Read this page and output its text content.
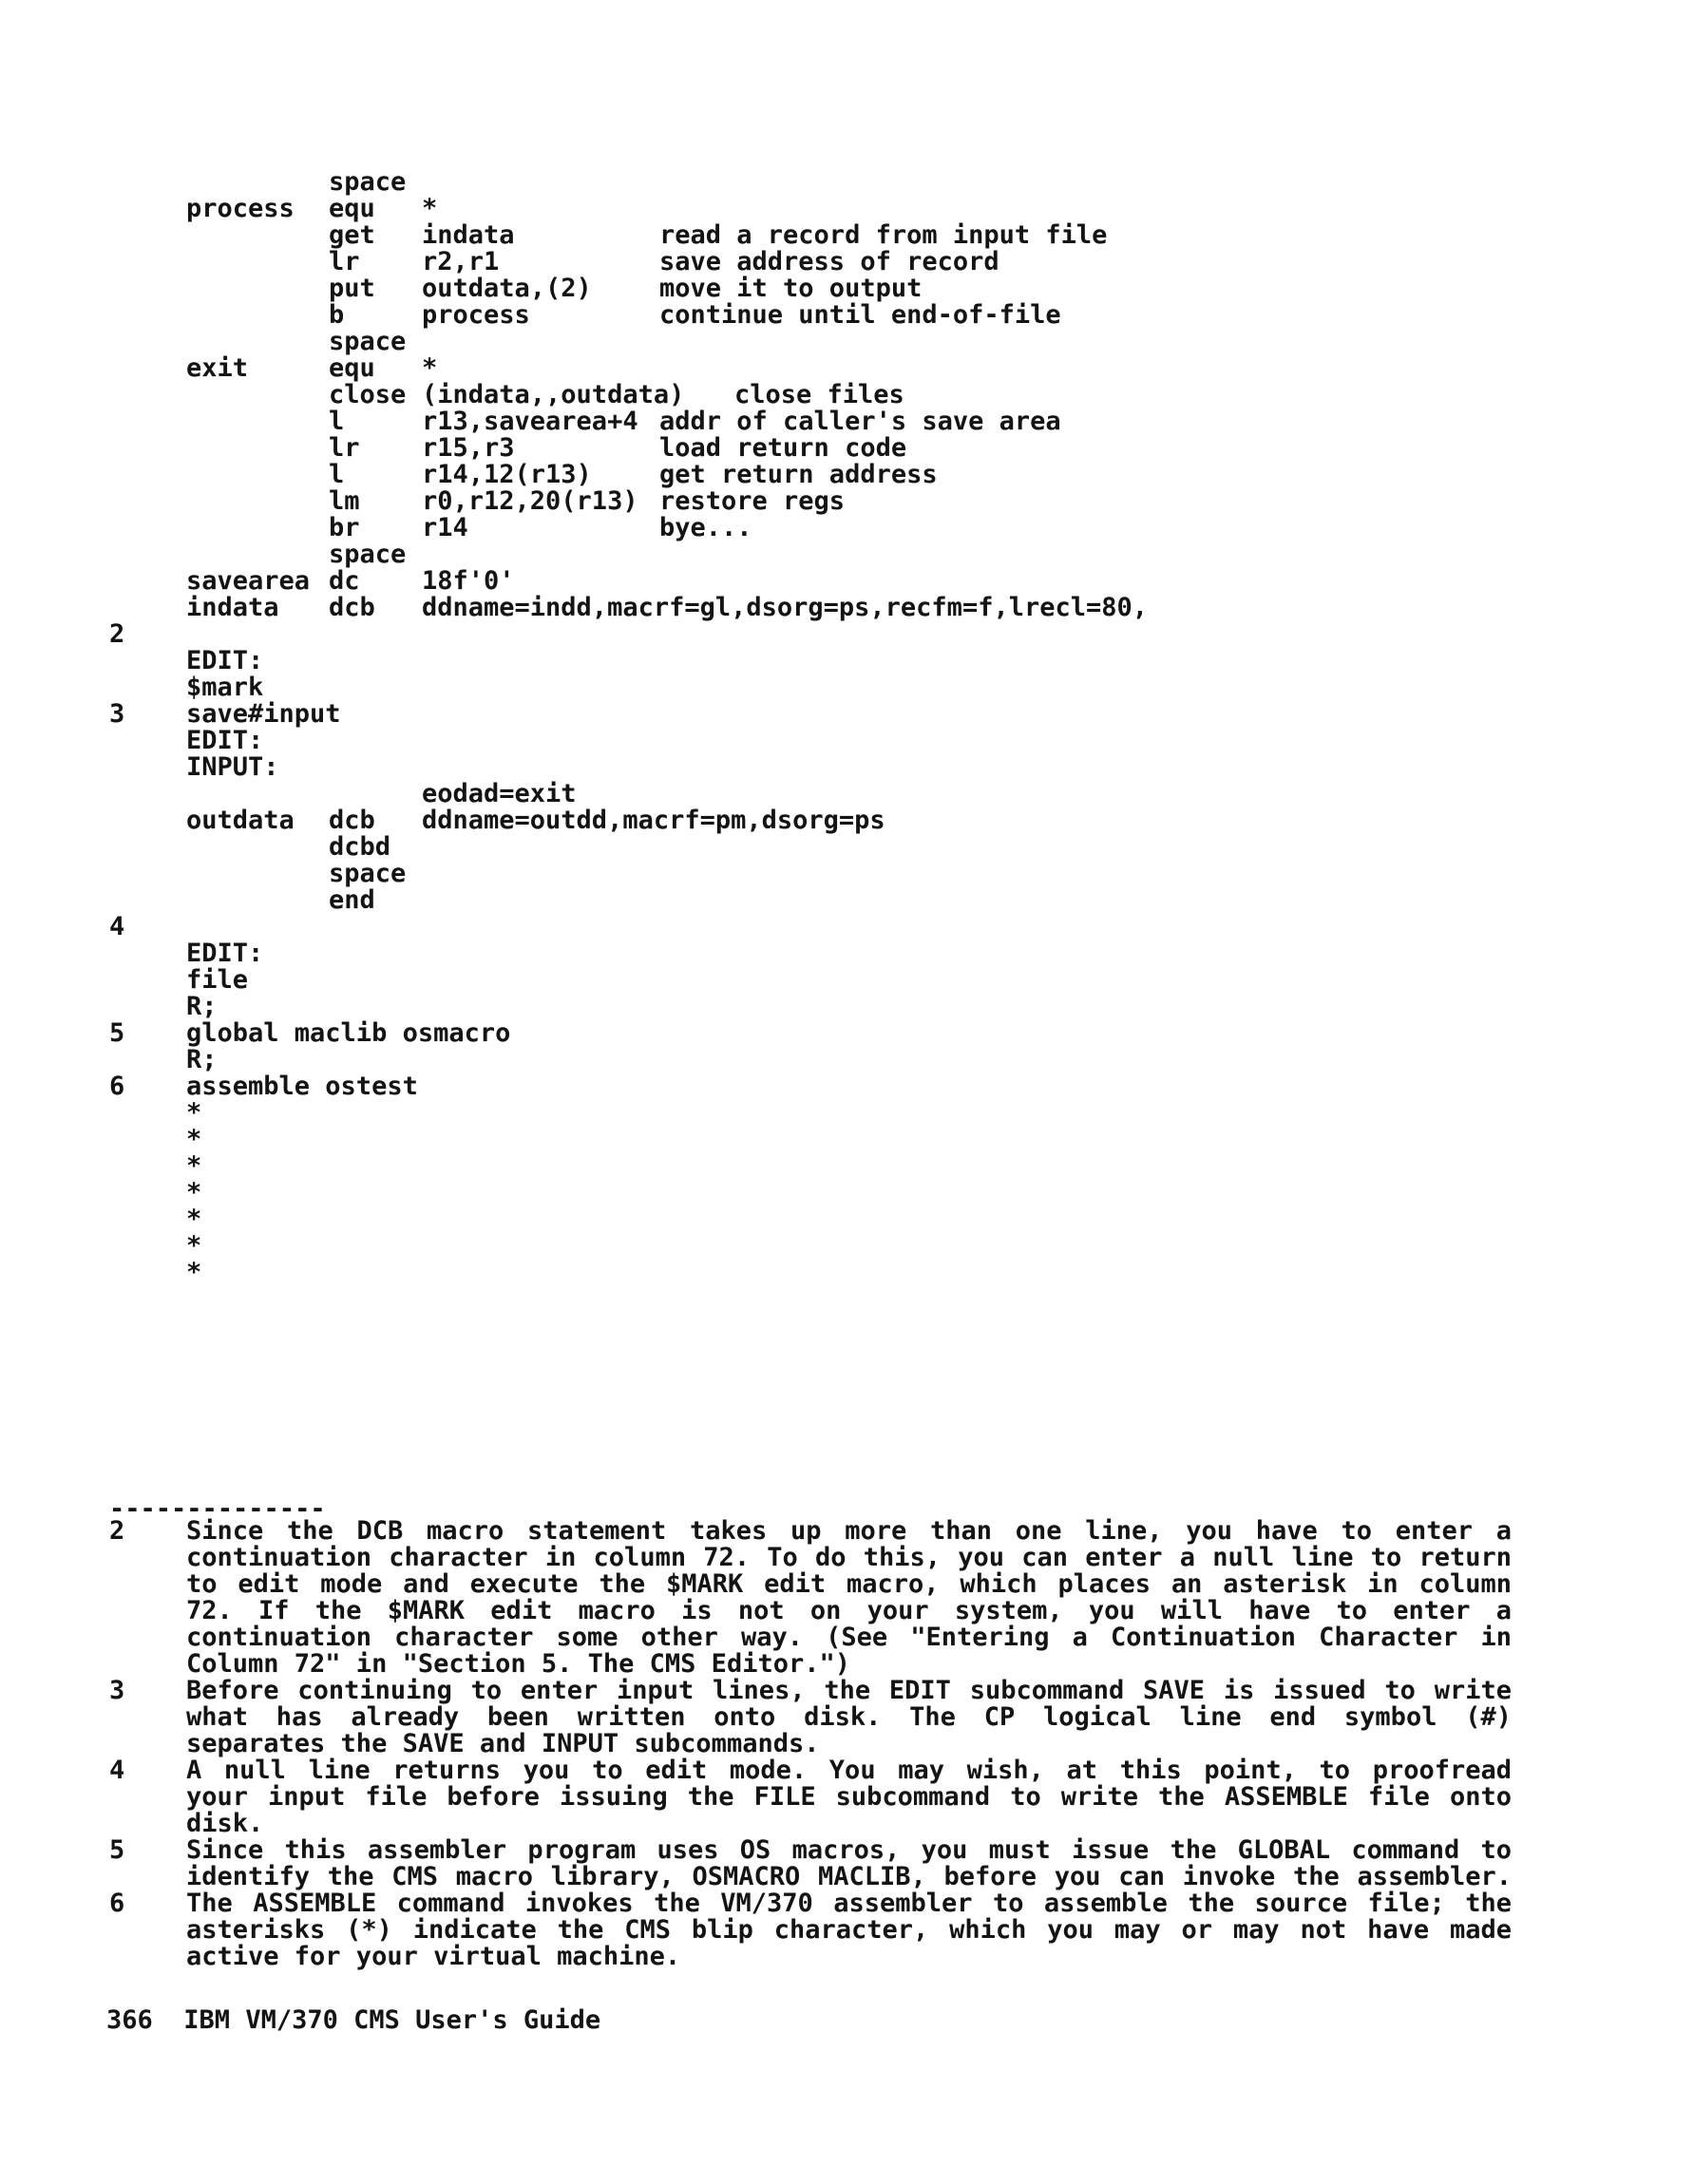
space
process equ *
get indata	read a record from input file
lr r2,r1	save address of record
put outdata,(2)	move it to output
b	process	continue until end-of-file
space
exit	equ *
close (indata,,outdata) close files
l	r13,savearea+4 addr of caller's save area
lr r15,r3	load return code
l	r14,12(r13)	get return address
lm r0,r12,20(r13) restore regs
br r14	bye...
space
savearea dc 18f'0'
indata dcb ddname=indd,macrf=gl,dsorg=ps,recfm=f,lrecl=80,
2
EDIT:
$mark
3 save#input
EDIT:
INPUT:
eodad=exit
outdata dcb ddname=outdd,macrf=pm,dsorg=ps
dcbd
space
end
4
EDIT:
file
R;
5 global maclib osmacro
R;
6 assemble ostest
*
*
*
*
*
*
*
--------------
2 Since the DCB macro statement takes up more than one line, you have to enter a
continuation character in column 72. To do this, you can enter a null line to return
to edit mode and execute the $MARK edit macro, which places an asterisk in column
72. If the $MARK edit macro is not on your system, you will have to enter a
continuation character some other way. (See "Entering a Continuation Character in
Column 72" in "Section 5. The CMS Editor.")
3 Before continuing to enter input lines, the EDIT subcommand SAVE is issued to write
what has already been written onto disk. The CP logical line end symbol (#)
separates the SAVE and INPUT subcommands.
4 A null line returns you to edit mode. You may wish, at this point, to proofread
your input file before issuing the FILE subcommand to write the ASSEMBLE file onto
disk.
5 Since this assembler program uses OS macros, you must issue the GLOBAL command to
identify the CMS macro library, OSMACRO MACLIB, before you can invoke the assembler.
6 The ASSEMBLE command invokes the VM/370 assembler to assemble the source file; the
asterisks (*) indicate the CMS blip character, which you may or may not have made
active for your virtual machine.
366 IBM VM/370 CMS User's Guide
